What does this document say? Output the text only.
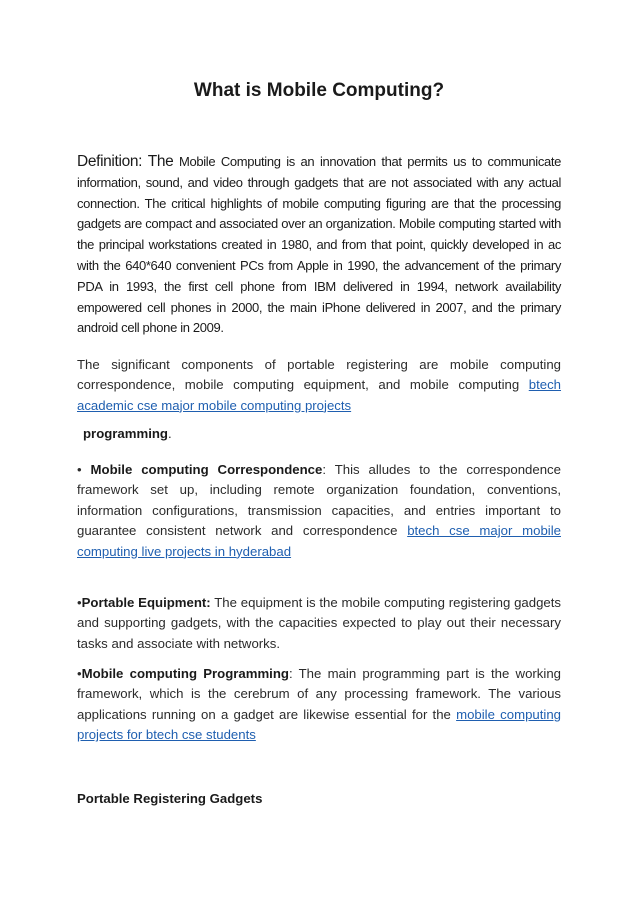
What is Mobile Computing?
Definition: The Mobile Computing is an innovation that permits us to communicate information, sound, and video through gadgets that are not associated with any actual connection. The critical highlights of mobile computing figuring are that the processing gadgets are compact and associated over an organization. Mobile computing started with the principal workstations created in 1980, and from that point, quickly developed in ac with the 640*640 convenient PCs from Apple in 1990, the advancement of the primary PDA in 1993, the first cell phone from IBM delivered in 1994, network availability empowered cell phones in 2000, the main iPhone delivered in 2007, and the primary android cell phone in 2009.
The significant components of portable registering are mobile computing correspondence, mobile computing equipment, and mobile computing btech academic cse major mobile computing projects
programming.
• Mobile computing Correspondence: This alludes to the correspondence framework set up, including remote organization foundation, conventions, information configurations, transmission capacities, and entries important to guarantee consistent network and correspondence btech cse major mobile computing live projects in hyderabad
•Portable Equipment: The equipment is the mobile computing registering gadgets and supporting gadgets, with the capacities expected to play out their necessary tasks and associate with networks.
•Mobile computing Programming: The main programming part is the working framework, which is the cerebrum of any processing framework. The various applications running on a gadget are likewise essential for the mobile computing projects for btech cse students
Portable Registering Gadgets
